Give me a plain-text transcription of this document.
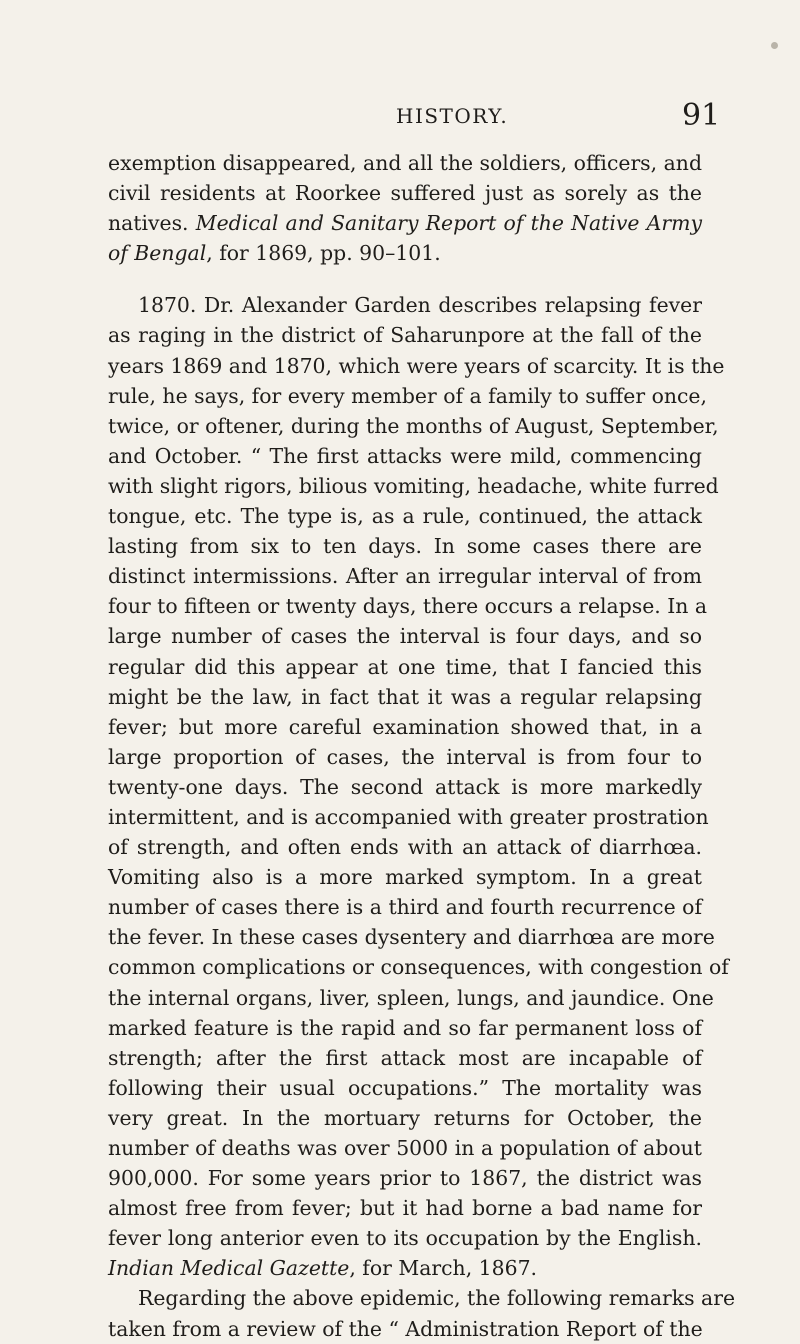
HISTORY.	91

exemption disappeared, and all the soldiers, officers, and
civil residents at Roorkee suffered just as sorely as the
natives. Medical and Sanitary Report of the Native Army
of Bengal, for 1869, pp. 90–101.

1870. Dr. Alexander Garden describes relapsing fever
as raging in the district of Saharunpore at the fall of the
years 1869 and 1870, which were years of scarcity. It is the
rule, he says, for every member of a family to suffer once,
twice, or oftener, during the months of August, September,
and October. “ The first attacks were mild, commencing
with slight rigors, bilious vomiting, headache, white furred
tongue, etc. The type is, as a rule, continued, the attack
lasting from six to ten days. In some cases there are
distinct intermissions. After an irregular interval of from
four to fifteen or twenty days, there occurs a relapse. In a
large number of cases the interval is four days, and so
regular did this appear at one time, that I fancied this
might be the law, in fact that it was a regular relapsing
fever; but more careful examination showed that, in a
large proportion of cases, the interval is from four to
twenty-one days. The second attack is more markedly
intermittent, and is accompanied with greater prostration
of strength, and often ends with an attack of diarrhœa.
Vomiting also is a more marked symptom. In a great
number of cases there is a third and fourth recurrence of
the fever. In these cases dysentery and diarrhœa are more
common complications or consequences, with congestion of
the internal organs, liver, spleen, lungs, and jaundice. One
marked feature is the rapid and so far permanent loss of
strength; after the first attack most are incapable of
following their usual occupations.” The mortality was
very great. In the mortuary returns for October, the
number of deaths was over 5000 in a population of about
900,000. For some years prior to 1867, the district was
almost free from fever; but it had borne a bad name for
fever long anterior even to its occupation by the English.
Indian Medical Gazette, for March, 1867.

Regarding the above epidemic, the following remarks are
taken from a review of the “ Administration Report of the
